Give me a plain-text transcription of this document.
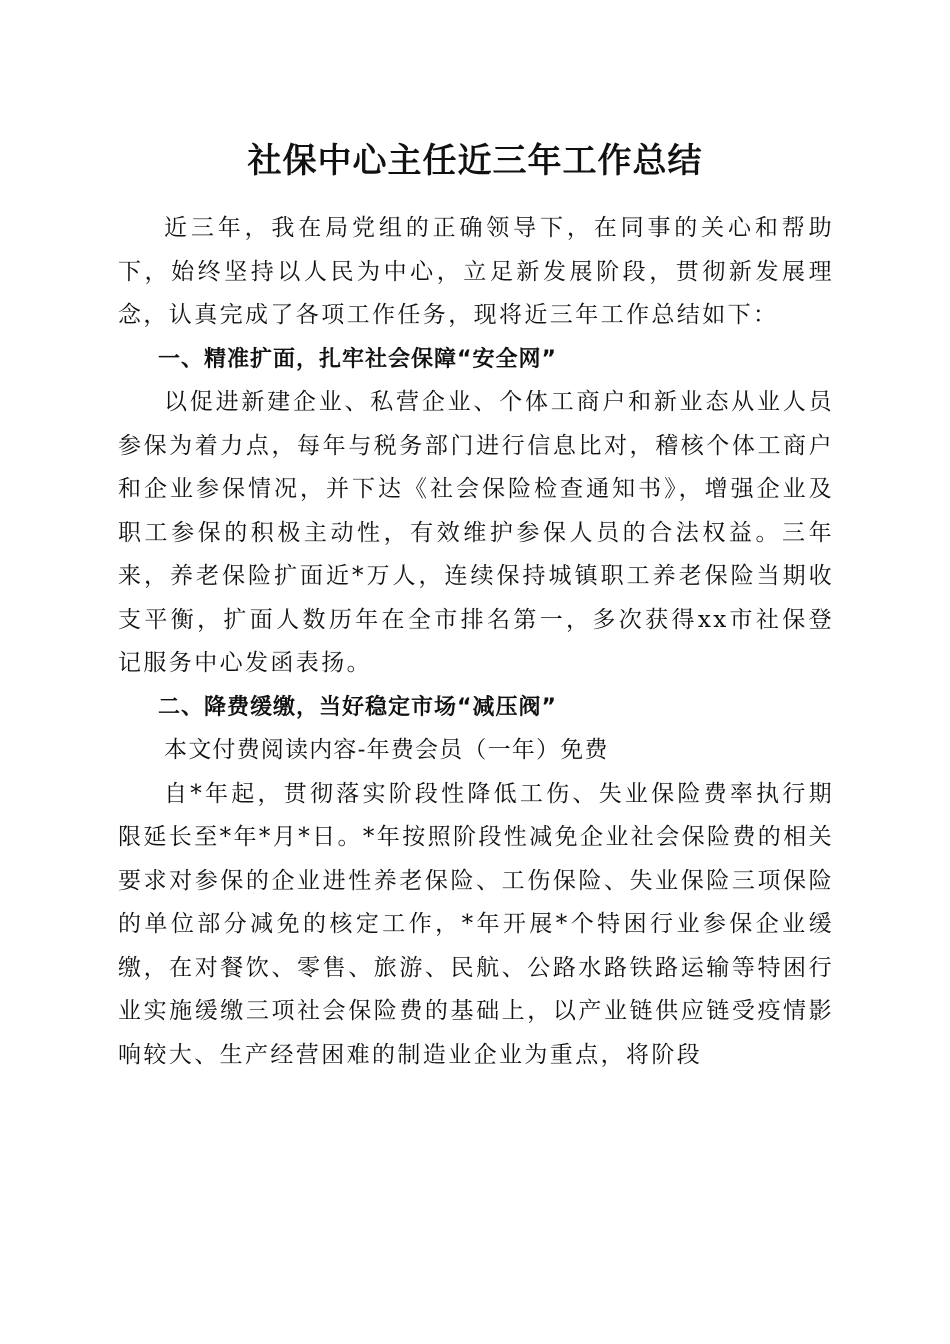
社保中心主任近三年工作总结

近三年，我在局党组的正确领导下，在同事的关心和帮助下，始终坚持以人民为中心，立足新发展阶段，贯彻新发展理念，认真完成了各项工作任务，现将近三年工作总结如下：

一、精准扩面，扎牢社会保障“安全网”

以促进新建企业、私营企业、个体工商户和新业态从业人员参保为着力点，每年与税务部门进行信息比对，稽核个体工商户和企业参保情况，并下达《社会保险检查通知书》，增强企业及职工参保的积极主动性，有效维护参保人员的合法权益。三年来，养老保险扩面近*万人，连续保持城镇职工养老保险当期收支平衡，扩面人数历年在全市排名第一，多次获得xx市社保登记服务中心发函表扬。

二、降费缓缴，当好稳定市场“减压阀”

本文付费阅读内容-年费会员（一年）免费

自*年起，贯彻落实阶段性降低工伤、失业保险费率执行期限延长至*年*月*日。*年按照阶段性减免企业社会保险费的相关要求对参保的企业进性养老保险、工伤保险、失业保险三项保险的单位部分减免的核定工作，*年开展*个特困行业参保企业缓缴，在对餐饮、零售、旅游、民航、公路水路铁路运输等特困行业实施缓缴三项社会保险费的基础上，以产业链供应链受疫情影响较大、生产经营困难的制造业企业为重点，将阶段
